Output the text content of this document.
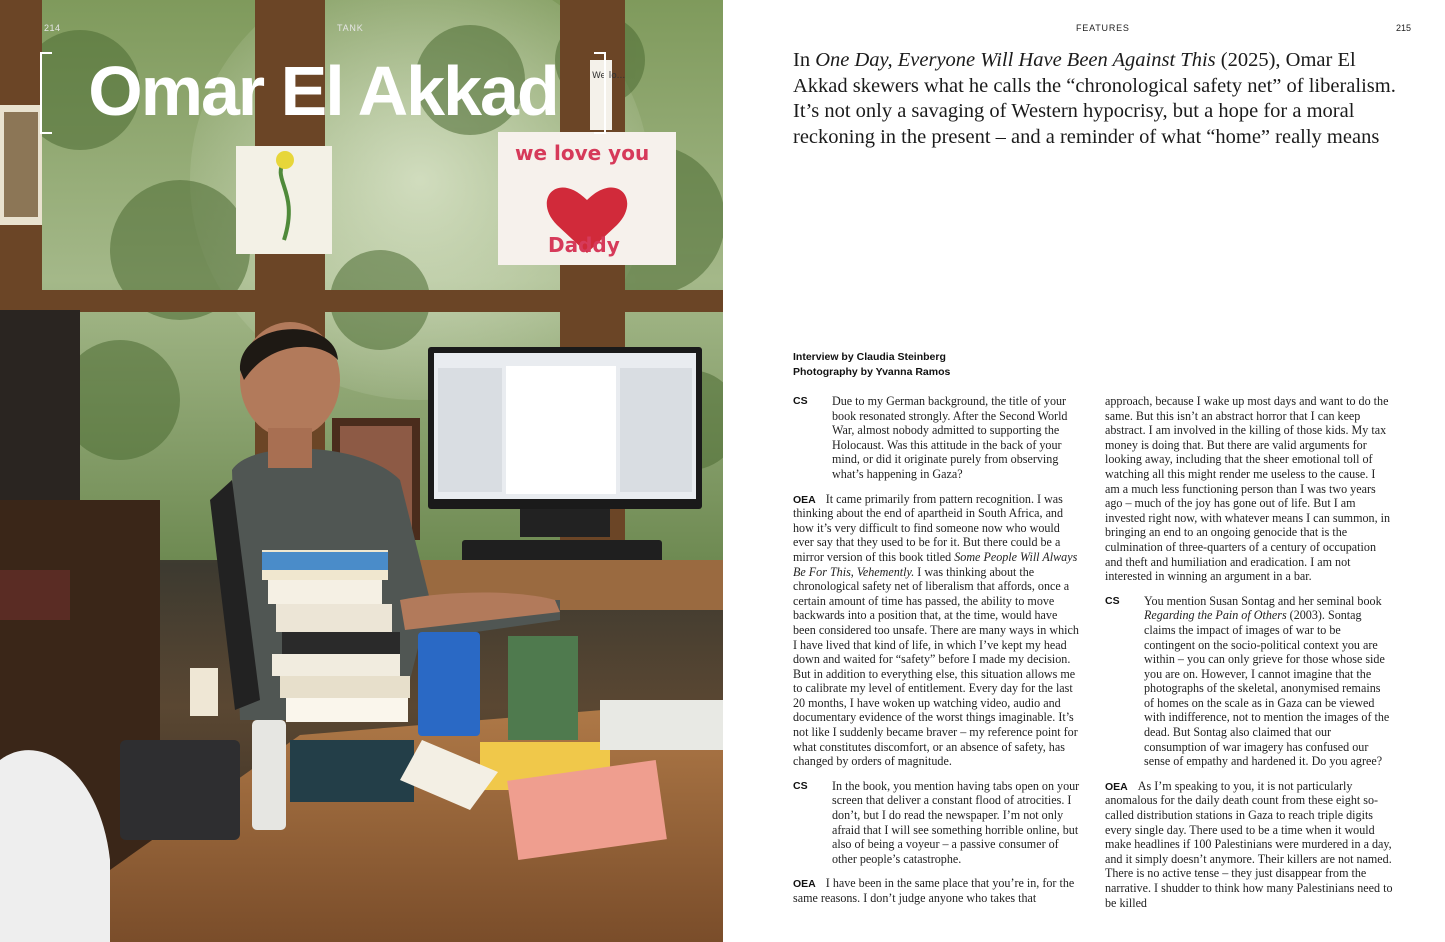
we love you
Daddy
We lo...
214	TANK
Omar El Akkad
FEATURES	215
In One Day, Everyone Will Have Been Against This (2025), Omar El Akkad skewers what he calls the “chronological safety net” of liberalism. It’s not only a savaging of Western hypocrisy, but a hope for a moral reckoning in the present – and a reminder of what “home” really means
Interview by Claudia Steinberg
Photography by Yvanna Ramos
CS	Due to my German background, the title of your book resonated strongly. After the Second World War, almost nobody admitted to supporting the Holocaust. Was this attitude in the back of your mind, or did it originate purely from observing what’s happening in Gaza?
OEA It came primarily from pattern recognition. I was thinking about the end of apartheid in South Africa, and how it’s very difficult to find someone now who would ever say that they used to be for it. But there could be a mirror version of this book titled Some People Will Always Be For This, Vehemently. I was thinking about the chronological safety net of liberalism that affords, once a certain amount of time has passed, the ability to move backwards into a position that, at the time, would have been considered too unsafe. There are many ways in which I have lived that kind of life, in which I’ve kept my head down and waited for “safety” before I made my decision. But in addition to everything else, this situation allows me to calibrate my level of entitlement. Every day for the last 20 months, I have woken up watching video, audio and documentary evidence of the worst things imaginable. It’s not like I suddenly became braver – my reference point for what constitutes discomfort, or an absence of safety, has changed by orders of magnitude.
CS	In the book, you mention having tabs open on your screen that deliver a constant flood of atrocities. I don’t, but I do read the newspaper. I’m not only afraid that I will see something horrible online, but also of being a voyeur – a passive consumer of other people’s catastrophe.
OEA I have been in the same place that you’re in, for the same reasons. I don’t judge anyone who takes that
approach, because I wake up most days and want to do the same. But this isn’t an abstract horror that I can keep abstract. I am involved in the killing of those kids. My tax money is doing that. But there are valid arguments for looking away, including that the sheer emotional toll of watching all this might render me useless to the cause. I am a much less functioning person than I was two years ago – much of the joy has gone out of life. But I am invested right now, with whatever means I can summon, in bringing an end to an ongoing genocide that is the culmination of three-quarters of a century of occupation and theft and humiliation and eradication. I am not interested in winning an argument in a bar.
CS	You mention Susan Sontag and her seminal book Regarding the Pain of Others (2003). Sontag claims the impact of images of war to be contingent on the socio-political context you are within – you can only grieve for those whose side you are on. However, I cannot imagine that the photographs of the skeletal, anonymised remains of homes on the scale as in Gaza can be viewed with indifference, not to mention the images of the dead. But Sontag also claimed that our consumption of war imagery has confused our sense of empathy and hardened it. Do you agree?
OEA As I’m speaking to you, it is not particularly anomalous for the daily death count from these eight so-called distribution stations in Gaza to reach triple digits every single day. There used to be a time when it would make headlines if 100 Palestinians were murdered in a day, and it simply doesn’t anymore. Their killers are not named. There is no active tense – they just disappear from the narrative. I shudder to think how many Palestinians need to be killed
